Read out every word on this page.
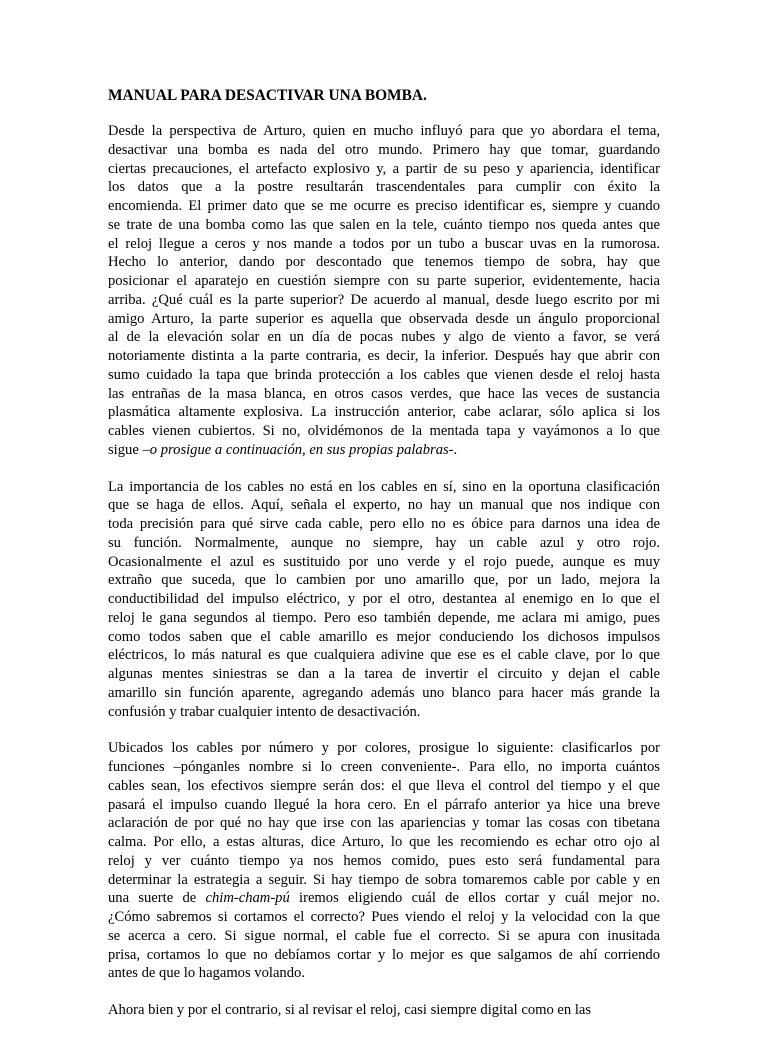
MANUAL PARA DESACTIVAR UNA BOMBA.
Desde la perspectiva de Arturo, quien en mucho influyó para que yo abordara el tema,
desactivar una bomba es nada del otro mundo. Primero hay que tomar, guardando
ciertas precauciones, el artefacto explosivo y, a partir de su peso y apariencia, identificar
los datos que a la postre resultarán trascendentales para cumplir con éxito la
encomienda. El primer dato que se me ocurre es preciso identificar es, siempre y cuando
se trate de una bomba como las que salen en la tele, cuánto tiempo nos queda antes que
el reloj llegue a ceros y nos mande a todos por un tubo a buscar uvas en la rumorosa.
Hecho lo anterior, dando por descontado que tenemos tiempo de sobra, hay que
posicionar el aparatejo en cuestión siempre con su parte superior, evidentemente, hacia
arriba. ¿Qué cuál es la parte superior? De acuerdo al manual, desde luego escrito por mi
amigo Arturo, la parte superior es aquella que observada desde un ángulo proporcional
al de la elevación solar en un día de pocas nubes y algo de viento a favor, se verá
notoriamente distinta a la parte contraria, es decir, la inferior. Después hay que abrir con
sumo cuidado la tapa que brinda protección a los cables que vienen desde el reloj hasta
las entrañas de la masa blanca, en otros casos verdes, que hace las veces de sustancia
plasmática altamente explosiva. La instrucción anterior, cabe aclarar, sólo aplica si los
cables vienen cubiertos. Si no, olvidémonos de la mentada tapa y vayámonos a lo que
sigue –o prosigue a continuación, en sus propias palabras-.
La importancia de los cables no está en los cables en sí, sino en la oportuna clasificación
que se haga de ellos. Aquí, señala el experto, no hay un manual que nos indique con
toda precisión para qué sirve cada cable, pero ello no es óbice para darnos una idea de
su función. Normalmente, aunque no siempre, hay un cable azul y otro rojo.
Ocasionalmente el azul es sustituido por uno verde y el rojo puede, aunque es muy
extraño que suceda, que lo cambien por uno amarillo que, por un lado, mejora la
conductibilidad del impulso eléctrico, y por el otro, destantea al enemigo en lo que el
reloj le gana segundos al tiempo. Pero eso también depende, me aclara mi amigo, pues
como todos saben que el cable amarillo es mejor conduciendo los dichosos impulsos
eléctricos, lo más natural es que cualquiera adivine que ese es el cable clave, por lo que
algunas mentes siniestras se dan a la tarea de invertir el circuito y dejan el cable
amarillo sin función aparente, agregando además uno blanco para hacer más grande la
confusión y trabar cualquier intento de desactivación.
Ubicados los cables por número y por colores, prosigue lo siguiente: clasificarlos por
funciones –pónganles nombre si lo creen conveniente-. Para ello, no importa cuántos
cables sean, los efectivos siempre serán dos: el que lleva el control del tiempo y el que
pasará el impulso cuando llegué la hora cero. En el párrafo anterior ya hice una breve
aclaración de por qué no hay que irse con las apariencias y tomar las cosas con tibetana
calma. Por ello, a estas alturas, dice Arturo, lo que les recomiendo es echar otro ojo al
reloj y ver cuánto tiempo ya nos hemos comido, pues esto será fundamental para
determinar la estrategia a seguir. Si hay tiempo de sobra tomaremos cable por cable y en
una suerte de chim-cham-pú iremos eligiendo cuál de ellos cortar y cuál mejor no.
¿Cómo sabremos si cortamos el correcto? Pues viendo el reloj y la velocidad con la que
se acerca a cero. Si sigue normal, el cable fue el correcto. Si se apura con inusitada
prisa, cortamos lo que no debíamos cortar y lo mejor es que salgamos de ahí corriendo
antes de que lo hagamos volando.
Ahora bien y por el contrario, si al revisar el reloj, casi siempre digital como en las
